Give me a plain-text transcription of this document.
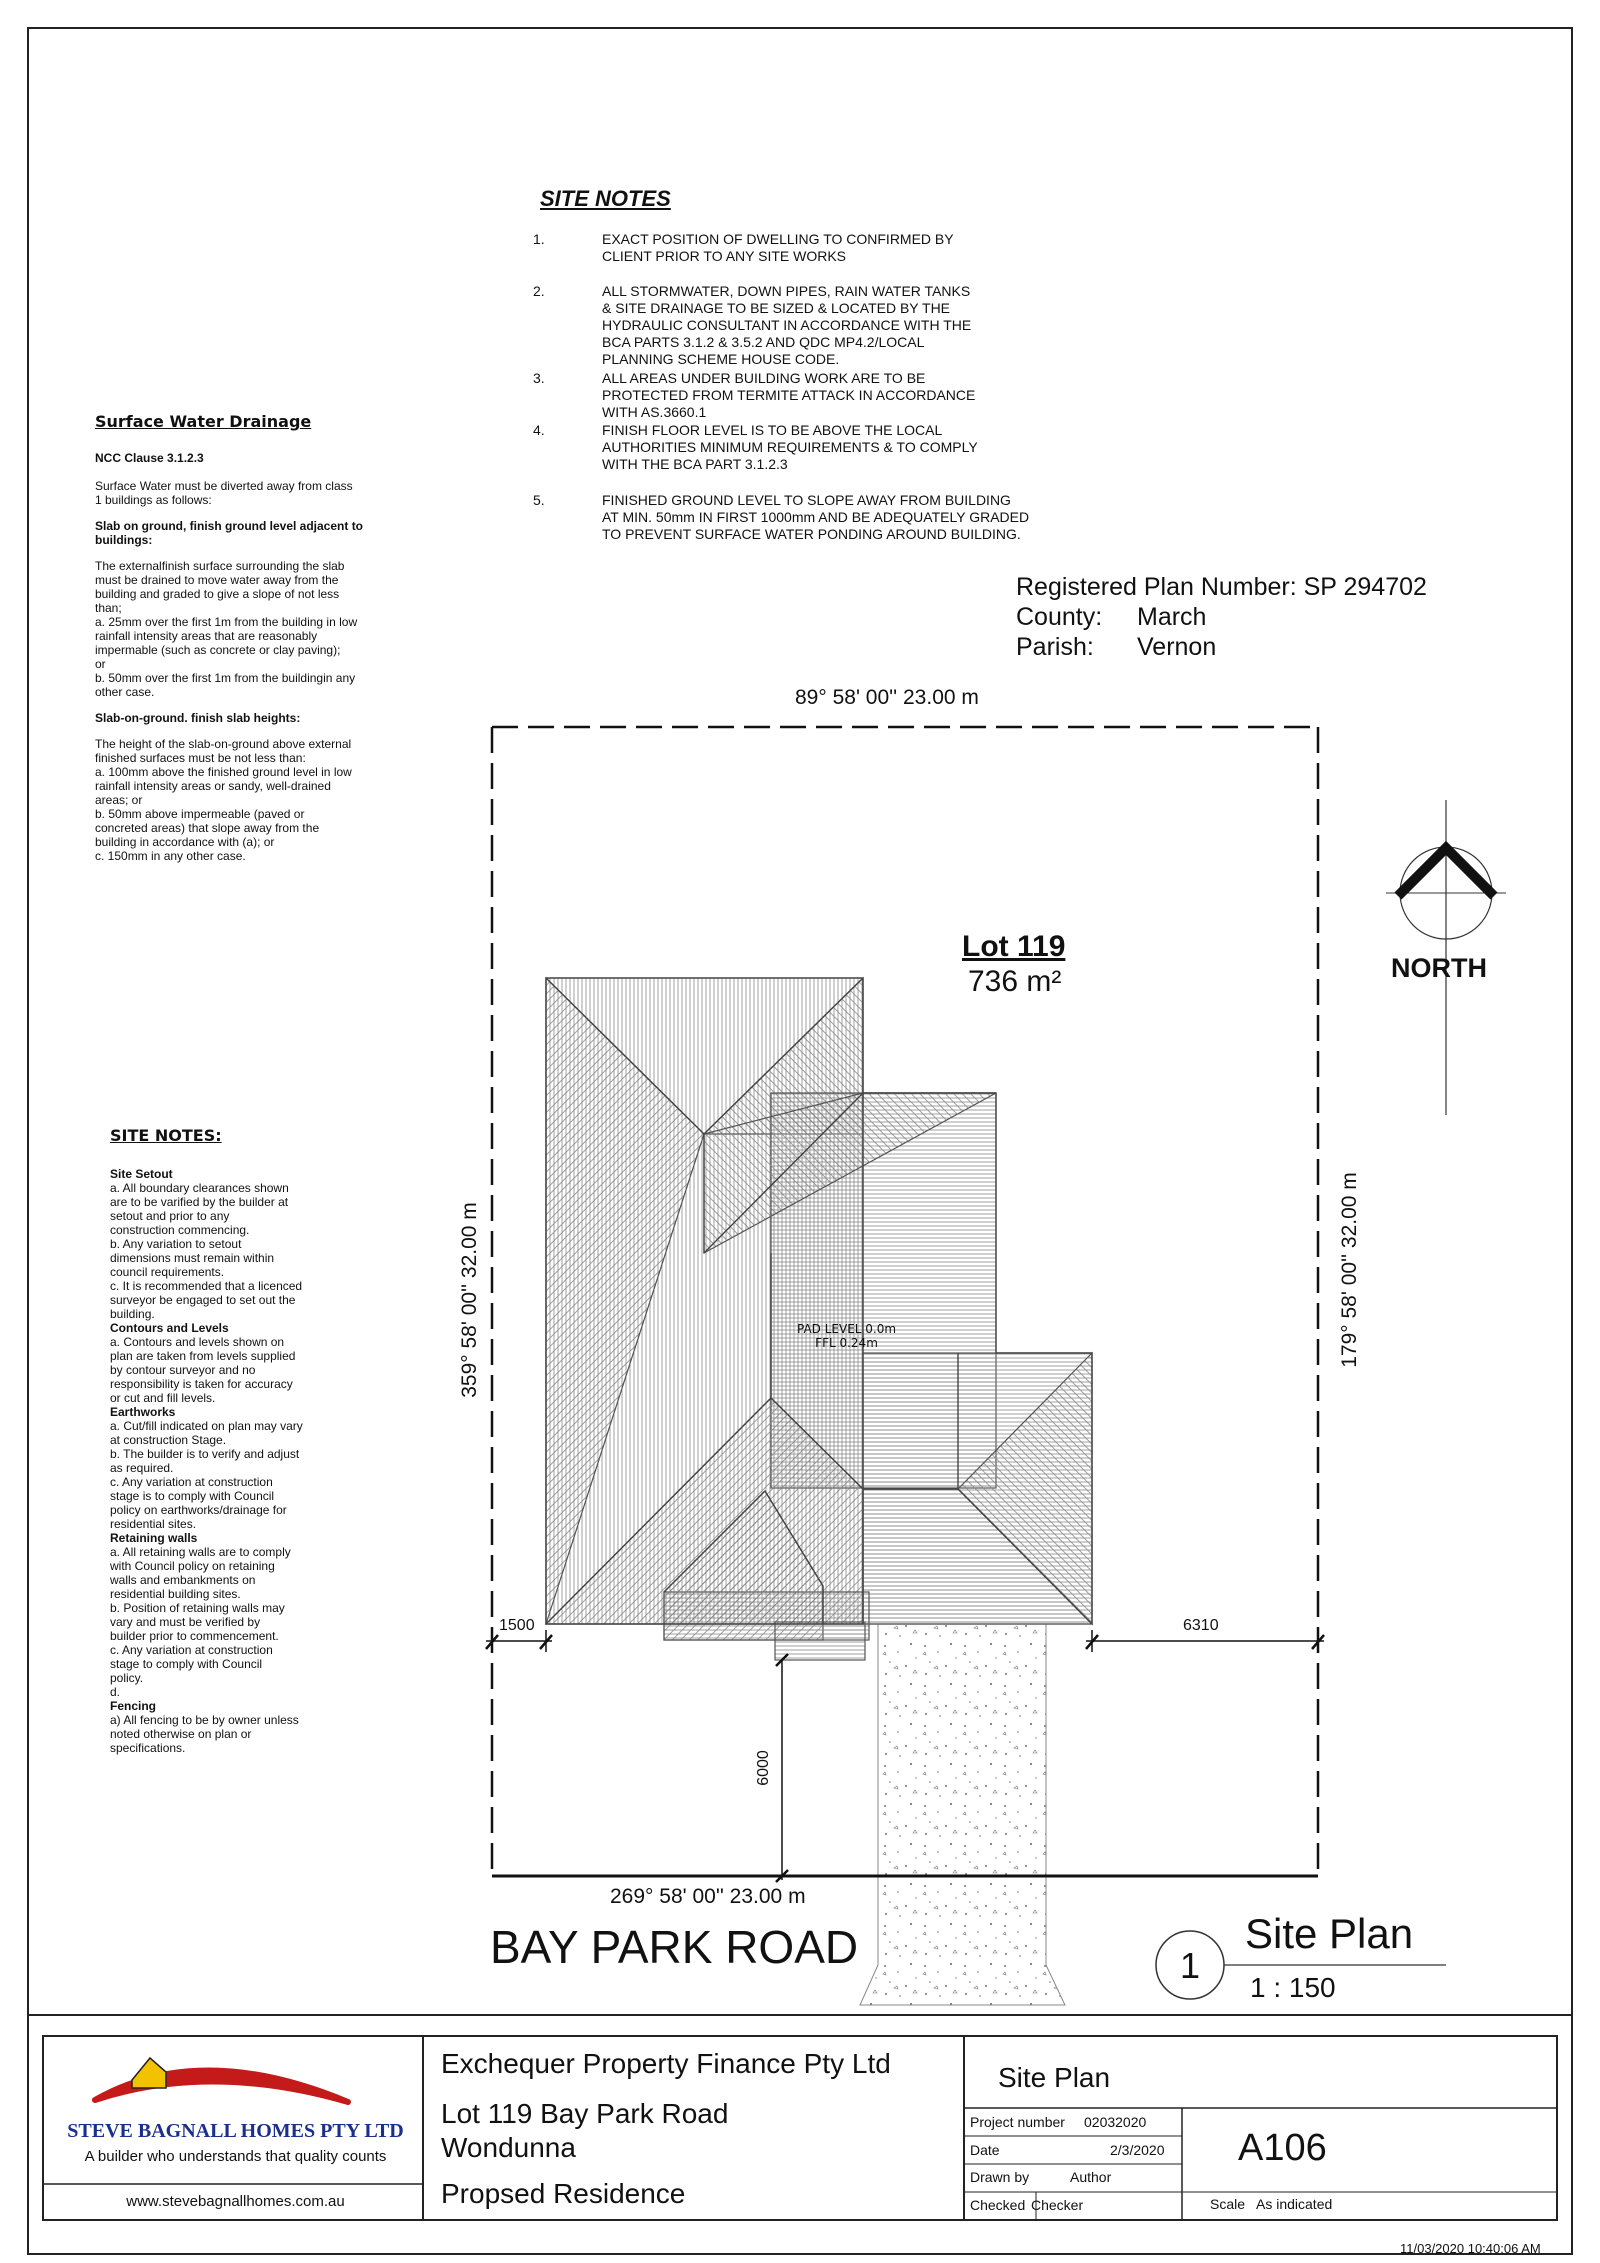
SITE NOTES
1.	EXACT POSITION OF DWELLING TO CONFIRMED BY
CLIENT PRIOR TO ANY SITE WORKS
2.	ALL STORMWATER, DOWN PIPES, RAIN WATER TANKS
& SITE DRAINAGE TO BE SIZED & LOCATED BY THE
HYDRAULIC CONSULTANT IN ACCORDANCE WITH THE
BCA PARTS 3.1.2 & 3.5.2 AND QDC MP4.2/LOCAL
PLANNING SCHEME HOUSE CODE.
3.	ALL AREAS UNDER BUILDING WORK ARE TO BE
PROTECTED FROM TERMITE ATTACK IN ACCORDANCE
WITH AS.3660.1
4.	FINISH FLOOR LEVEL IS TO BE ABOVE THE LOCAL
AUTHORITIES MINIMUM REQUIREMENTS & TO COMPLY
WITH THE BCA PART 3.1.2.3
5.	FINISHED GROUND LEVEL TO SLOPE AWAY FROM BUILDING
AT MIN. 50mm IN FIRST 1000mm AND BE ADEQUATELY GRADED
TO PREVENT SURFACE WATER PONDING AROUND BUILDING.
Surface Water Drainage
NCC Clause 3.1.2.3
Surface Water must be diverted away from class
1 buildings as follows:
Slab on ground, finish ground level adjacent to
buildings:
The externalfinish surface surrounding the slab
must be drained to move water away from the
building and graded to give a slope of not less
than;
a. 25mm over the first 1m from the building in low
rainfall intensity areas that are reasonably
impermable (such as concrete or clay paving);
or
b. 50mm over the first 1m from the buildingin any
other case.
Slab-on-ground. finish slab heights:
The height of the slab-on-ground above external
finished surfaces must be not less than:
a. 100mm above the finished ground level in low
rainfall intensity areas or sandy, well-drained
areas; or
b. 50mm above impermeable (paved or
concreted areas) that slope away from the
building in accordance with (a); or
c. 150mm in any other case.
SITE NOTES:
Site Setout
a. All boundary clearances shown
are to be varified by the builder at
setout and prior to any
construction commencing.
b. Any variation to setout
dimensions must remain within
council requirements.
c. It is recommended that a licenced
surveyor be engaged to set out the
building.
Contours and Levels
a. Contours and levels shown on
plan are taken from levels supplied
by contour surveyor and no
responsibility is taken for accuracy
or cut and fill levels.
Earthworks
a. Cut/fill indicated on plan may vary
at construction Stage.
b. The builder is to verify and adjust
as required.
c. Any variation at construction
stage is to comply with Council
policy on earthworks/drainage for
residential sites.
Retaining walls
a. All retaining walls are to comply
with Council policy on retaining
walls and embankments on
residential building sites.
b. Position of retaining walls may
vary and must be verified by
builder prior to commencement.
c. Any variation at construction
stage to comply with Council
policy.
d.
Fencing
a) All fencing to be by owner unless
noted otherwise on plan or
specifications.
Registered Plan Number: SP 294702
County:	March
Parish:	Vernon
89° 58' 00'' 23.00 m
269° 58' 00'' 23.00 m
359° 58' 00'' 32.00 m	179° 58' 00'' 32.00 m
Lot 119
736 m²
PAD LEVEL 0.0m
FFL 0.24m
1500	6310
6000
BAY PARK ROAD
NORTH
1
Site Plan
1 : 150
STEVE BAGNALL HOMES PTY LTD
A builder who understands that quality counts
www.stevebagnallhomes.com.au
Exchequer Property Finance Pty Ltd
Lot 119 Bay Park Road
Wondunna
Propsed Residence
Site Plan
Project number 02032020
Date	2/3/2020
Drawn by	Author
Checked Checker
A106
Scale As indicated
11/03/2020 10:40:06 AM
